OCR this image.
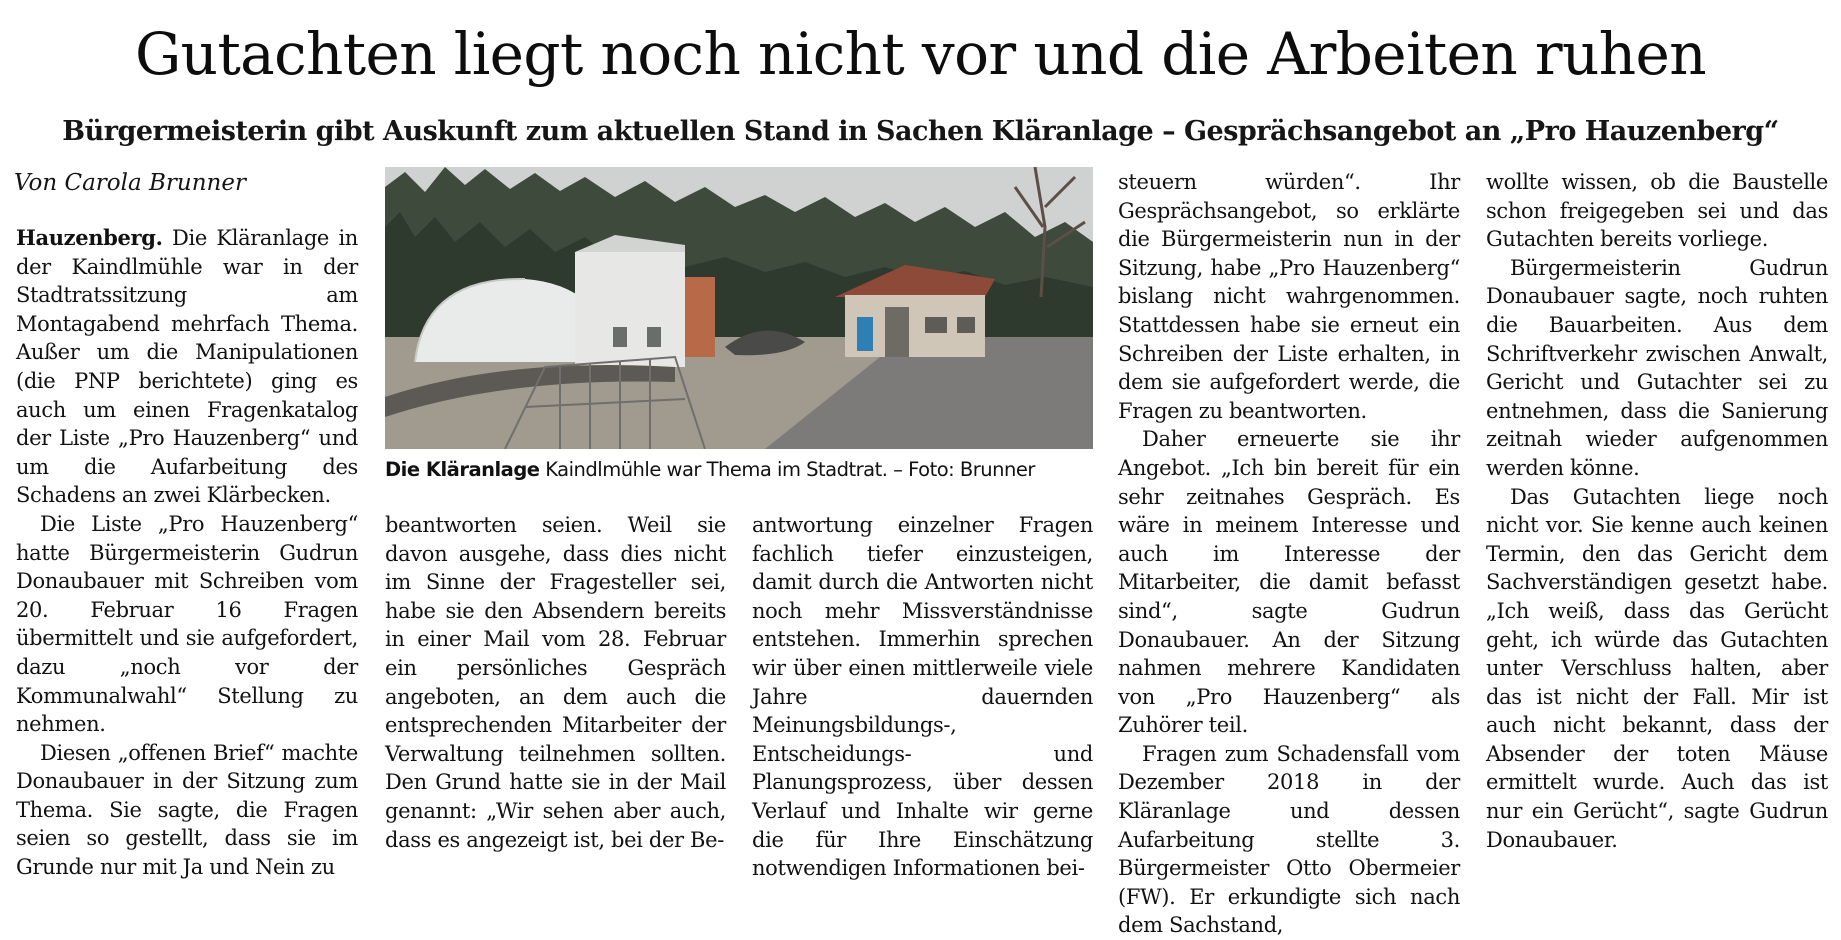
Gutachten liegt noch nicht vor und die Arbeiten ruhen
Bürgermeisterin gibt Auskunft zum aktuellen Stand in Sachen Kläranlage – Gesprächsangebot an „Pro Hauzenberg“
Von Carola Brunner

Hauzenberg. Die Kläranlage in der Kaindlmühle war in der Stadtratssitzung am Montagabend mehrfach Thema. Außer um die Manipulationen (die PNP berichtete) ging es auch um einen Fragenkatalog der Liste „Pro Hauzenberg“ und um die Aufarbeitung des Schadens an zwei Klärbecken.

Die Liste „Pro Hauzenberg“ hatte Bürgermeisterin Gudrun Donaubauer mit Schreiben vom 20. Februar 16 Fragen übermittelt und sie aufgefordert, dazu „noch vor der Kommunalwahl“ Stellung zu nehmen.

Diesen „offenen Brief“ machte Donaubauer in der Sitzung zum Thema. Sie sagte, die Fragen seien so gestellt, dass sie im Grunde nur mit Ja und Nein zu

Die Kläranlage Kaindlmühle war Thema im Stadtrat. – Foto: Brunner

beantworten seien. Weil sie davon ausgehe, dass dies nicht im Sinne der Fragesteller sei, habe sie den Absendern bereits in einer Mail vom 28. Februar ein persönliches Gespräch angeboten, an dem auch die entsprechenden Mitarbeiter der Verwaltung teilnehmen sollten. Den Grund hatte sie in der Mail genannt: „Wir sehen aber auch, dass es angezeigt ist, bei der Be-

antwortung einzelner Fragen fachlich tiefer einzusteigen, damit durch die Antworten nicht noch mehr Missverständnisse entstehen. Immerhin sprechen wir über einen mittlerweile viele Jahre dauernden Meinungsbildungs-, Entscheidungs- und Planungsprozess, über dessen Verlauf und Inhalte wir gerne die für Ihre Einschätzung notwendigen Informationen bei-

steuern würden“. Ihr Gesprächsangebot, so erklärte die Bürgermeisterin nun in der Sitzung, habe „Pro Hauzenberg“ bislang nicht wahrgenommen. Stattdessen habe sie erneut ein Schreiben der Liste erhalten, in dem sie aufgefordert werde, die Fragen zu beantworten.

Daher erneuerte sie ihr Angebot. „Ich bin bereit für ein sehr zeitnahes Gespräch. Es wäre in meinem Interesse und auch im Interesse der Mitarbeiter, die damit befasst sind“, sagte Gudrun Donaubauer. An der Sitzung nahmen mehrere Kandidaten von „Pro Hauzenberg“ als Zuhörer teil.

Fragen zum Schadensfall vom Dezember 2018 in der Kläranlage und dessen Aufarbeitung stellte 3. Bürgermeister Otto Obermeier (FW). Er erkundigte sich nach dem Sachstand,

wollte wissen, ob die Baustelle schon freigegeben sei und das Gutachten bereits vorliege.

Bürgermeisterin Gudrun Donaubauer sagte, noch ruhten die Bauarbeiten. Aus dem Schriftverkehr zwischen Anwalt, Gericht und Gutachter sei zu entnehmen, dass die Sanierung zeitnah wieder aufgenommen werden könne.

Das Gutachten liege noch nicht vor. Sie kenne auch keinen Termin, den das Gericht dem Sachverständigen gesetzt habe. „Ich weiß, dass das Gerücht geht, ich würde das Gutachten unter Verschluss halten, aber das ist nicht der Fall. Mir ist auch nicht bekannt, dass der Absender der toten Mäuse ermittelt wurde. Auch das ist nur ein Gerücht“, sagte Gudrun Donaubauer.
